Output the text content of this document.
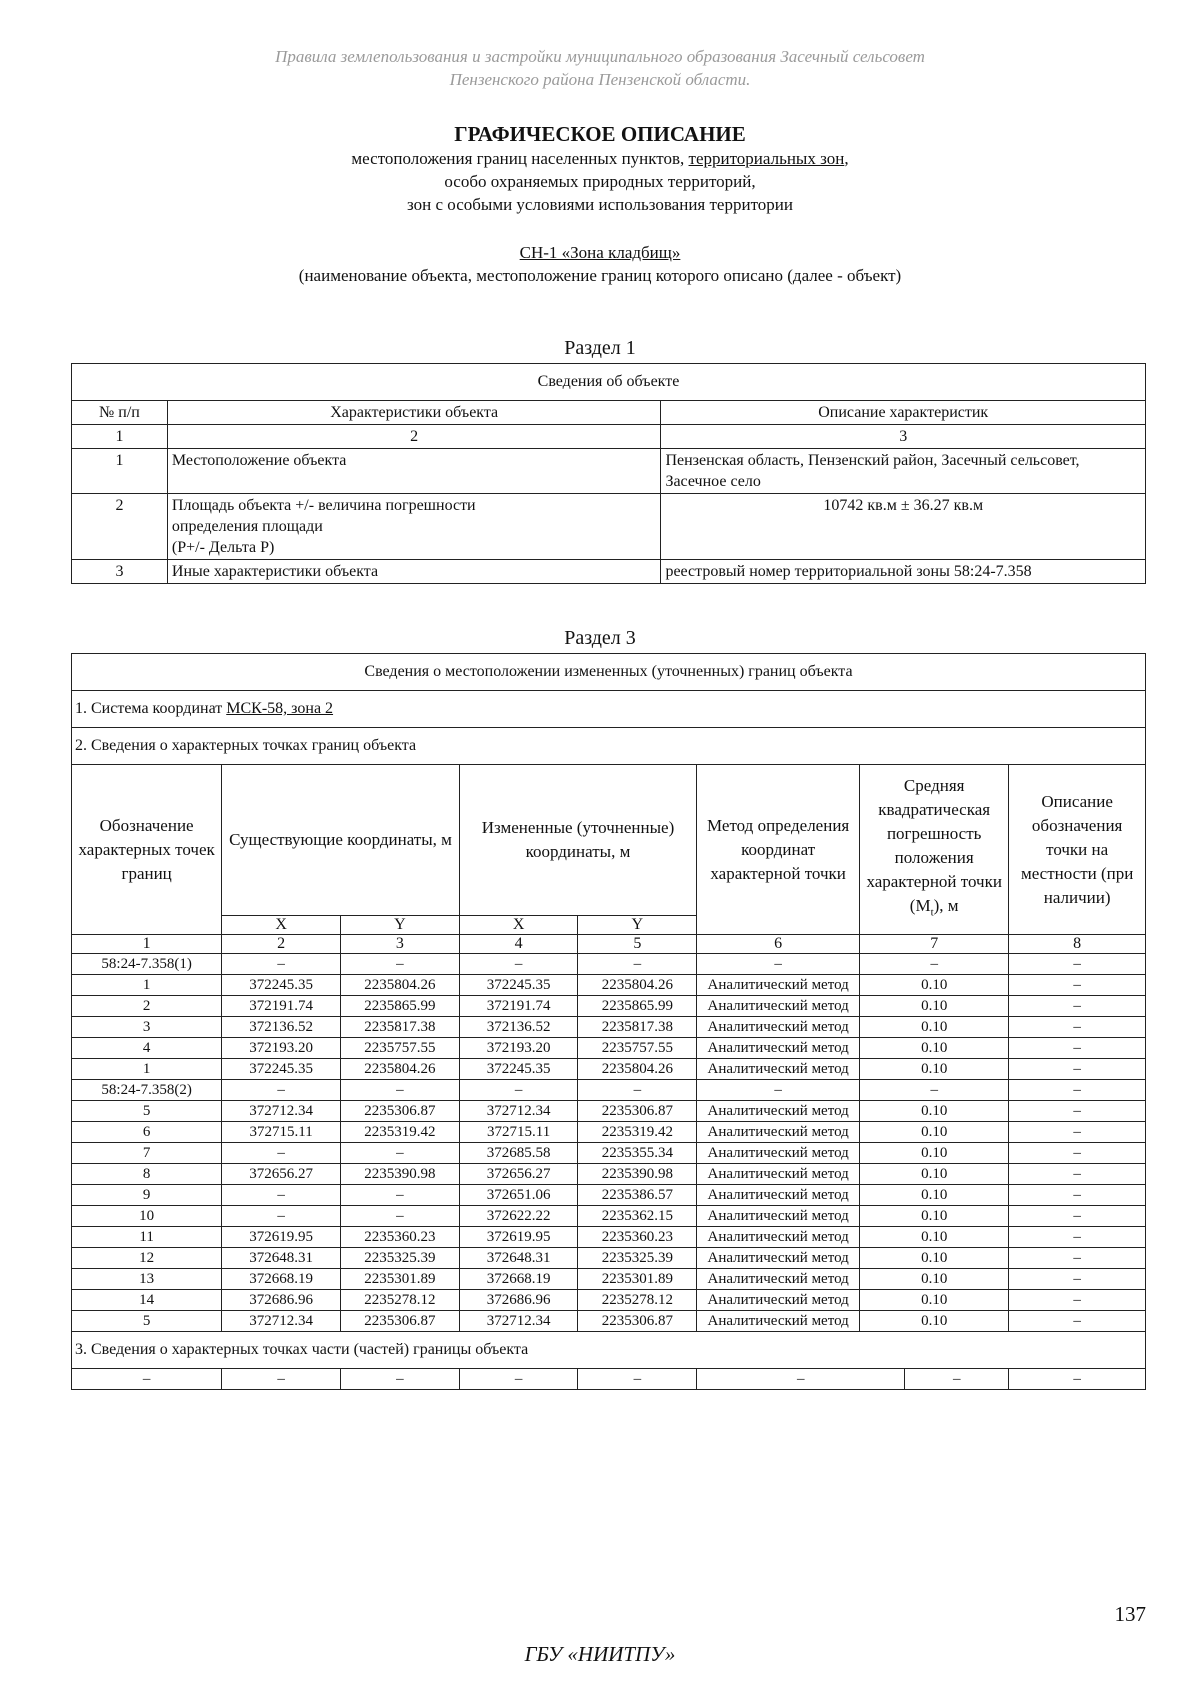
Правила землепользования и застройки муниципального образования Засечный сельсовет
Пензенского района Пензенской области.
ГРАФИЧЕСКОЕ ОПИСАНИЕ
местоположения границ населенных пунктов, территориальных зон,
особо охраняемых природных территорий,
зон с особыми условиями использования территории
СН-1 «Зона кладбищ»
(наименование объекта, местоположение границ которого описано (далее - объект)
Раздел 1
Сведения об объекте		
№ п/п	Характеристики объекта	Описание характеристик
1	2	3
1	Местоположение объекта	Пензенская область, Пензенский район, Засечный сельсовет, Засечное село
2	Площадь объекта +/- величина погрешности
определения площади
(P+/- Дельта P)	10742 кв.м ± 36.27 кв.м
3	Иные характеристики объекта	реестровый номер территориальной зоны 58:24-7.358
Раздел 3
Сведения о местоположении измененных (уточненных) границ объекта								
1. Система координат МСК-58, зона 2								
2. Сведения о характерных точках границ объекта								
Обозначение характерных точек границ	Существующие координаты, м		Измененные (уточненные) координаты, м		Метод определения координат характерной точки	Средняя квадратическая погрешность положения характерной точки $(M_t)$, м		Описание обозначения точки на местности (при наличии)
	X	Y	X	Y				
1	2	3	4	5	6	7		8
58:24-7.358(1)	–	–	–	–	–	–		–
1	372245.35	2235804.26	372245.35	2235804.26	Аналитический метод	0.10		–
2	372191.74	2235865.99	372191.74	2235865.99	Аналитический метод	0.10		–
3	372136.52	2235817.38	372136.52	2235817.38	Аналитический метод	0.10		–
4	372193.20	2235757.55	372193.20	2235757.55	Аналитический метод	0.10		–
1	372245.35	2235804.26	372245.35	2235804.26	Аналитический метод	0.10		–
58:24-7.358(2)	–	–	–	–	–	–		–
5	372712.34	2235306.87	372712.34	2235306.87	Аналитический метод	0.10		–
6	372715.11	2235319.42	372715.11	2235319.42	Аналитический метод	0.10		–
7	–	–	372685.58	2235355.34	Аналитический метод	0.10		–
8	372656.27	2235390.98	372656.27	2235390.98	Аналитический метод	0.10		–
9	–	–	372651.06	2235386.57	Аналитический метод	0.10		–
10	–	–	372622.22	2235362.15	Аналитический метод	0.10		–
11	372619.95	2235360.23	372619.95	2235360.23	Аналитический метод	0.10		–
12	372648.31	2235325.39	372648.31	2235325.39	Аналитический метод	0.10		–
13	372668.19	2235301.89	372668.19	2235301.89	Аналитический метод	0.10		–
14	372686.96	2235278.12	372686.96	2235278.12	Аналитический метод	0.10		–
5	372712.34	2235306.87	372712.34	2235306.87	Аналитический метод	0.10		–
3. Сведения о характерных точках части (частей) границы объекта								
–	–	–	–	–	–		–	–
137
ГБУ «НИИТПУ»
